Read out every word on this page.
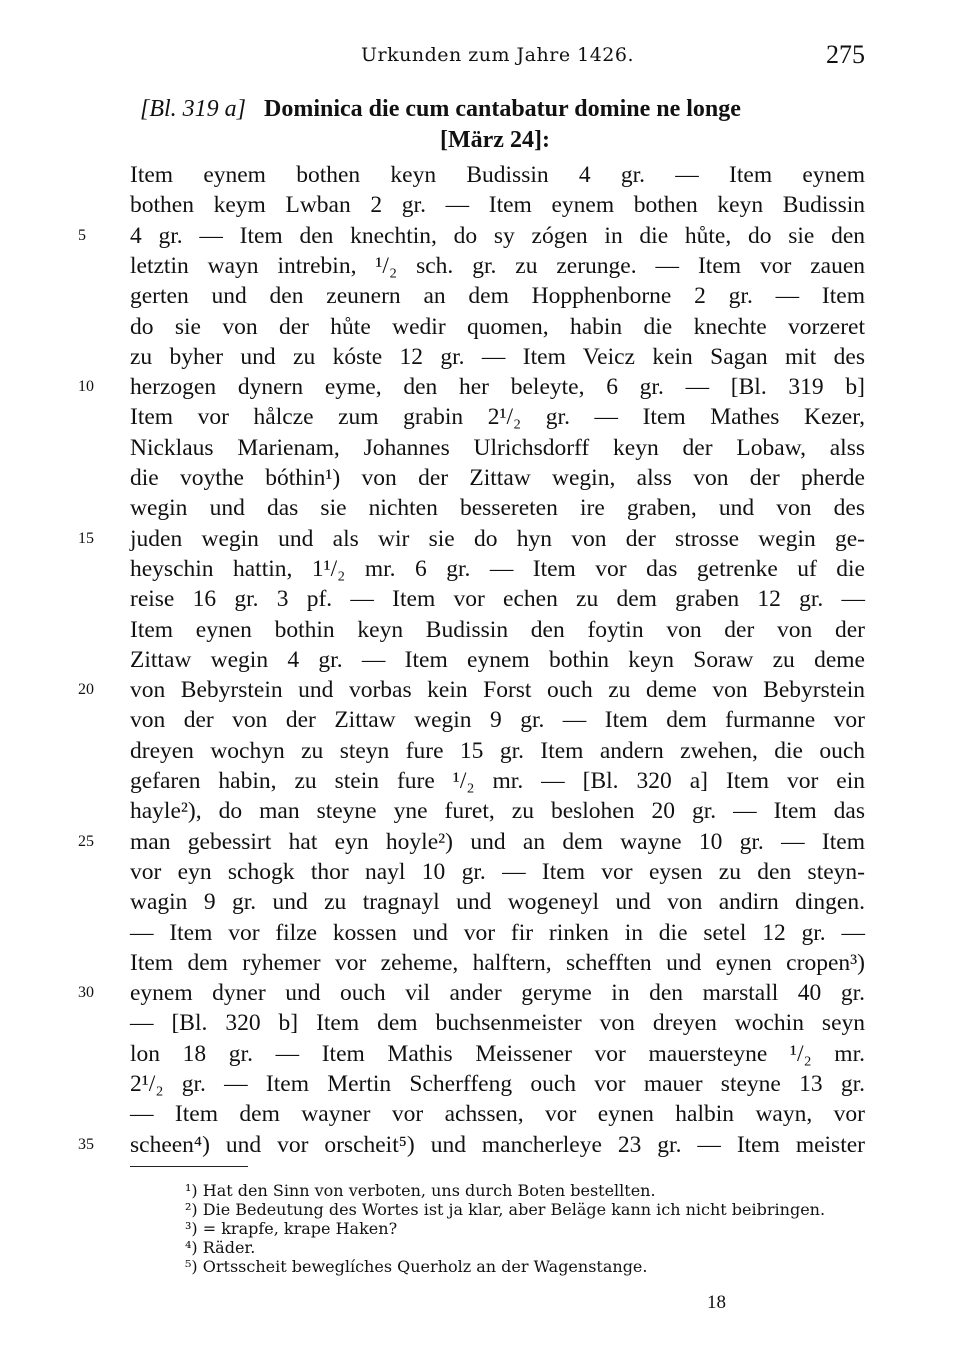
Urkunden zum Jahre 1426.	275
[Bl. 319 a] Dominica die cum cantabatur domine ne longe
[März 24]:
Item eynem bothen keyn Budissin 4 gr. — Item eynem
bothen keym Lwban 2 gr. — Item eynem bothen keyn Budissin
4 gr. — Item den knechtin, do sy zógen in die hůte, do sie den
letztin wayn intrebin, ¹/₂ sch. gr. zu zerunge. — Item vor zauen
gerten und den zeunern an dem Hopphenborne 2 gr. — Item
do sie von der hůte wedir quomen, habin die knechte vorzeret
zu byher und zu kóste 12 gr. — Item Veicz kein Sagan mit des
herzogen dynern eyme, den her beleyte, 6 gr. — [Bl. 319 b]
Item vor hålcze zum grabin 2¹/₂ gr. — Item Mathes Kezer,
Nicklaus Marienam, Johannes Ulrichsdorff keyn der Lobaw, alss
die voythe bóthin¹) von der Zittaw wegin, alss von der pherde
wegin und das sie nichten bessereten ire graben, und von des
juden wegin und als wir sie do hyn von der strosse wegin ge-
heyschin hattin, 1¹/₂ mr. 6 gr. — Item vor das getrenke uf die
reise 16 gr. 3 pf. — Item vor echen zu dem graben 12 gr. —
Item eynen bothin keyn Budissin den foytin von der von der
Zittaw wegin 4 gr. — Item eynem bothin keyn Soraw zu deme
von Bebyrstein und vorbas kein Forst ouch zu deme von Bebyrstein
von der von der Zittaw wegin 9 gr. — Item dem furmanne vor
dreyen wochyn zu steyn fure 15 gr. Item andern zwehen, die ouch
gefaren habin, zu stein fure ¹/₂ mr. — [Bl. 320 a] Item vor ein
hayle²), do man steyne yne furet, zu beslohen 20 gr. — Item das
man gebessirt hat eyn hoyle²) und an dem wayne 10 gr. — Item
vor eyn schogk thor nayl 10 gr. — Item vor eysen zu den steyn-
wagin 9 gr. und zu tragnayl und wogeneyl und von andirn dingen.
— Item vor filze kossen und vor fir rinken in die setel 12 gr. —
Item dem ryhemer vor zeheme, halftern, schefften und eynen cropen³)
eynem dyner und ouch vil ander geryme in den marstall 40 gr.
— [Bl. 320 b] Item dem buchsenmeister von dreyen wochin seyn
lon 18 gr. — Item Mathis Meissener vor mauersteyne ¹/₂ mr.
2¹/₂ gr. — Item Mertin Scherffeng ouch vor mauer steyne 13 gr.
— Item dem wayner vor achssen, vor eynen halbin wayn, vor
scheen⁴) und vor orscheit⁵) und mancherleye 23 gr. — Item meister
5
10
15
20
25
30
35
¹) Hat den Sinn von verboten, uns durch Boten bestellten.
²) Die Bedeutung des Wortes ist ja klar, aber Beläge kann ich nicht beibringen.
³) = krapfe, krape Haken?
⁴) Räder.
⁵) Ortsscheit beweglíches Querholz an der Wagenstange.
18
